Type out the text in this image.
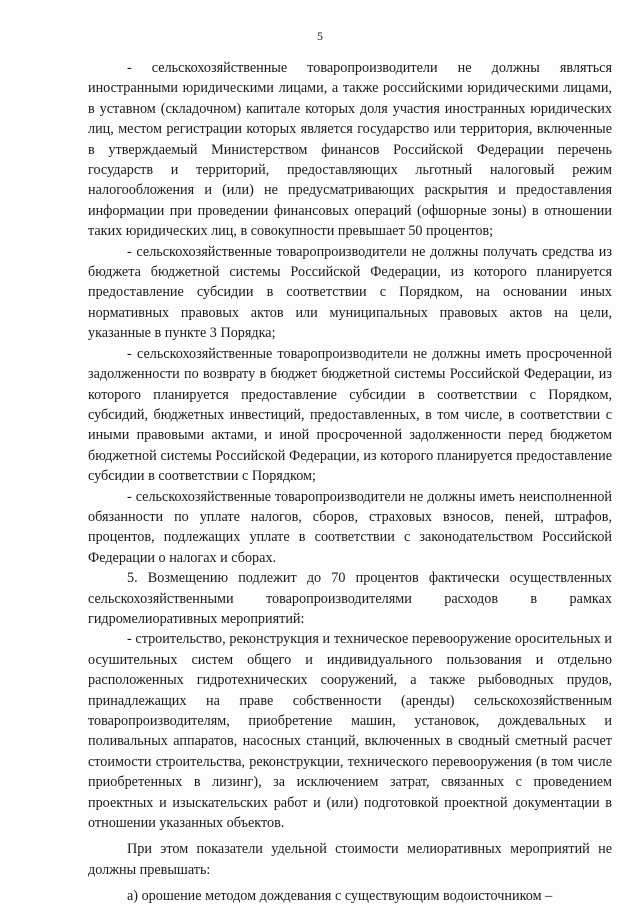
5

- сельскохозяйственные товаропроизводители не должны являться иностранными юридическими лицами, а также российскими юридическими лицами, в уставном (складочном) капитале которых доля участия иностранных юридических лиц, местом регистрации которых является государство или территория, включенные в утверждаемый Министерством финансов Российской Федерации перечень государств и территорий, предоставляющих льготный налоговый режим налогообложения и (или) не предусматривающих раскрытия и предоставления информации при проведении финансовых операций (офшорные зоны) в отношении таких юридических лиц, в совокупности превышает 50 процентов;

- сельскохозяйственные товаропроизводители не должны получать средства из бюджета бюджетной системы Российской Федерации, из которого планируется предоставление субсидии в соответствии с Порядком, на основании иных нормативных правовых актов или муниципальных правовых актов на цели, указанные в пункте 3 Порядка;

- сельскохозяйственные товаропроизводители не должны иметь просроченной задолженности по возврату в бюджет бюджетной системы Российской Федерации, из которого планируется предоставление субсидии в соответствии с Порядком, субсидий, бюджетных инвестиций, предоставленных, в том числе, в соответствии с иными правовыми актами, и иной просроченной задолженности перед бюджетом бюджетной системы Российской Федерации, из которого планируется предоставление субсидии в соответствии с Порядком;

- сельскохозяйственные товаропроизводители не должны иметь неисполненной обязанности по уплате налогов, сборов, страховых взносов, пеней, штрафов, процентов, подлежащих уплате в соответствии с законодательством Российской Федерации о налогах и сборах.

5. Возмещению подлежит до 70 процентов фактически осуществленных сельскохозяйственными товаропроизводителями расходов в рамках гидромелиоративных мероприятий:

- строительство, реконструкция и техническое перевооружение оросительных и осушительных систем общего и индивидуального пользования и отдельно расположенных гидротехнических сооружений, а также рыбоводных прудов, принадлежащих на праве собственности (аренды) сельскохозяйственным товаропроизводителям, приобретение машин, установок, дождевальных и поливальных аппаратов, насосных станций, включенных в сводный сметный расчет стоимости строительства, реконструкции, технического перевооружения (в том числе приобретенных в лизинг), за исключением затрат, связанных с проведением проектных и изыскательских работ и (или) подготовкой проектной документации в отношении указанных объектов.

При этом показатели удельной стоимости мелиоративных мероприятий не должны превышать:

а) орошение методом дождевания с существующим водоисточником –
